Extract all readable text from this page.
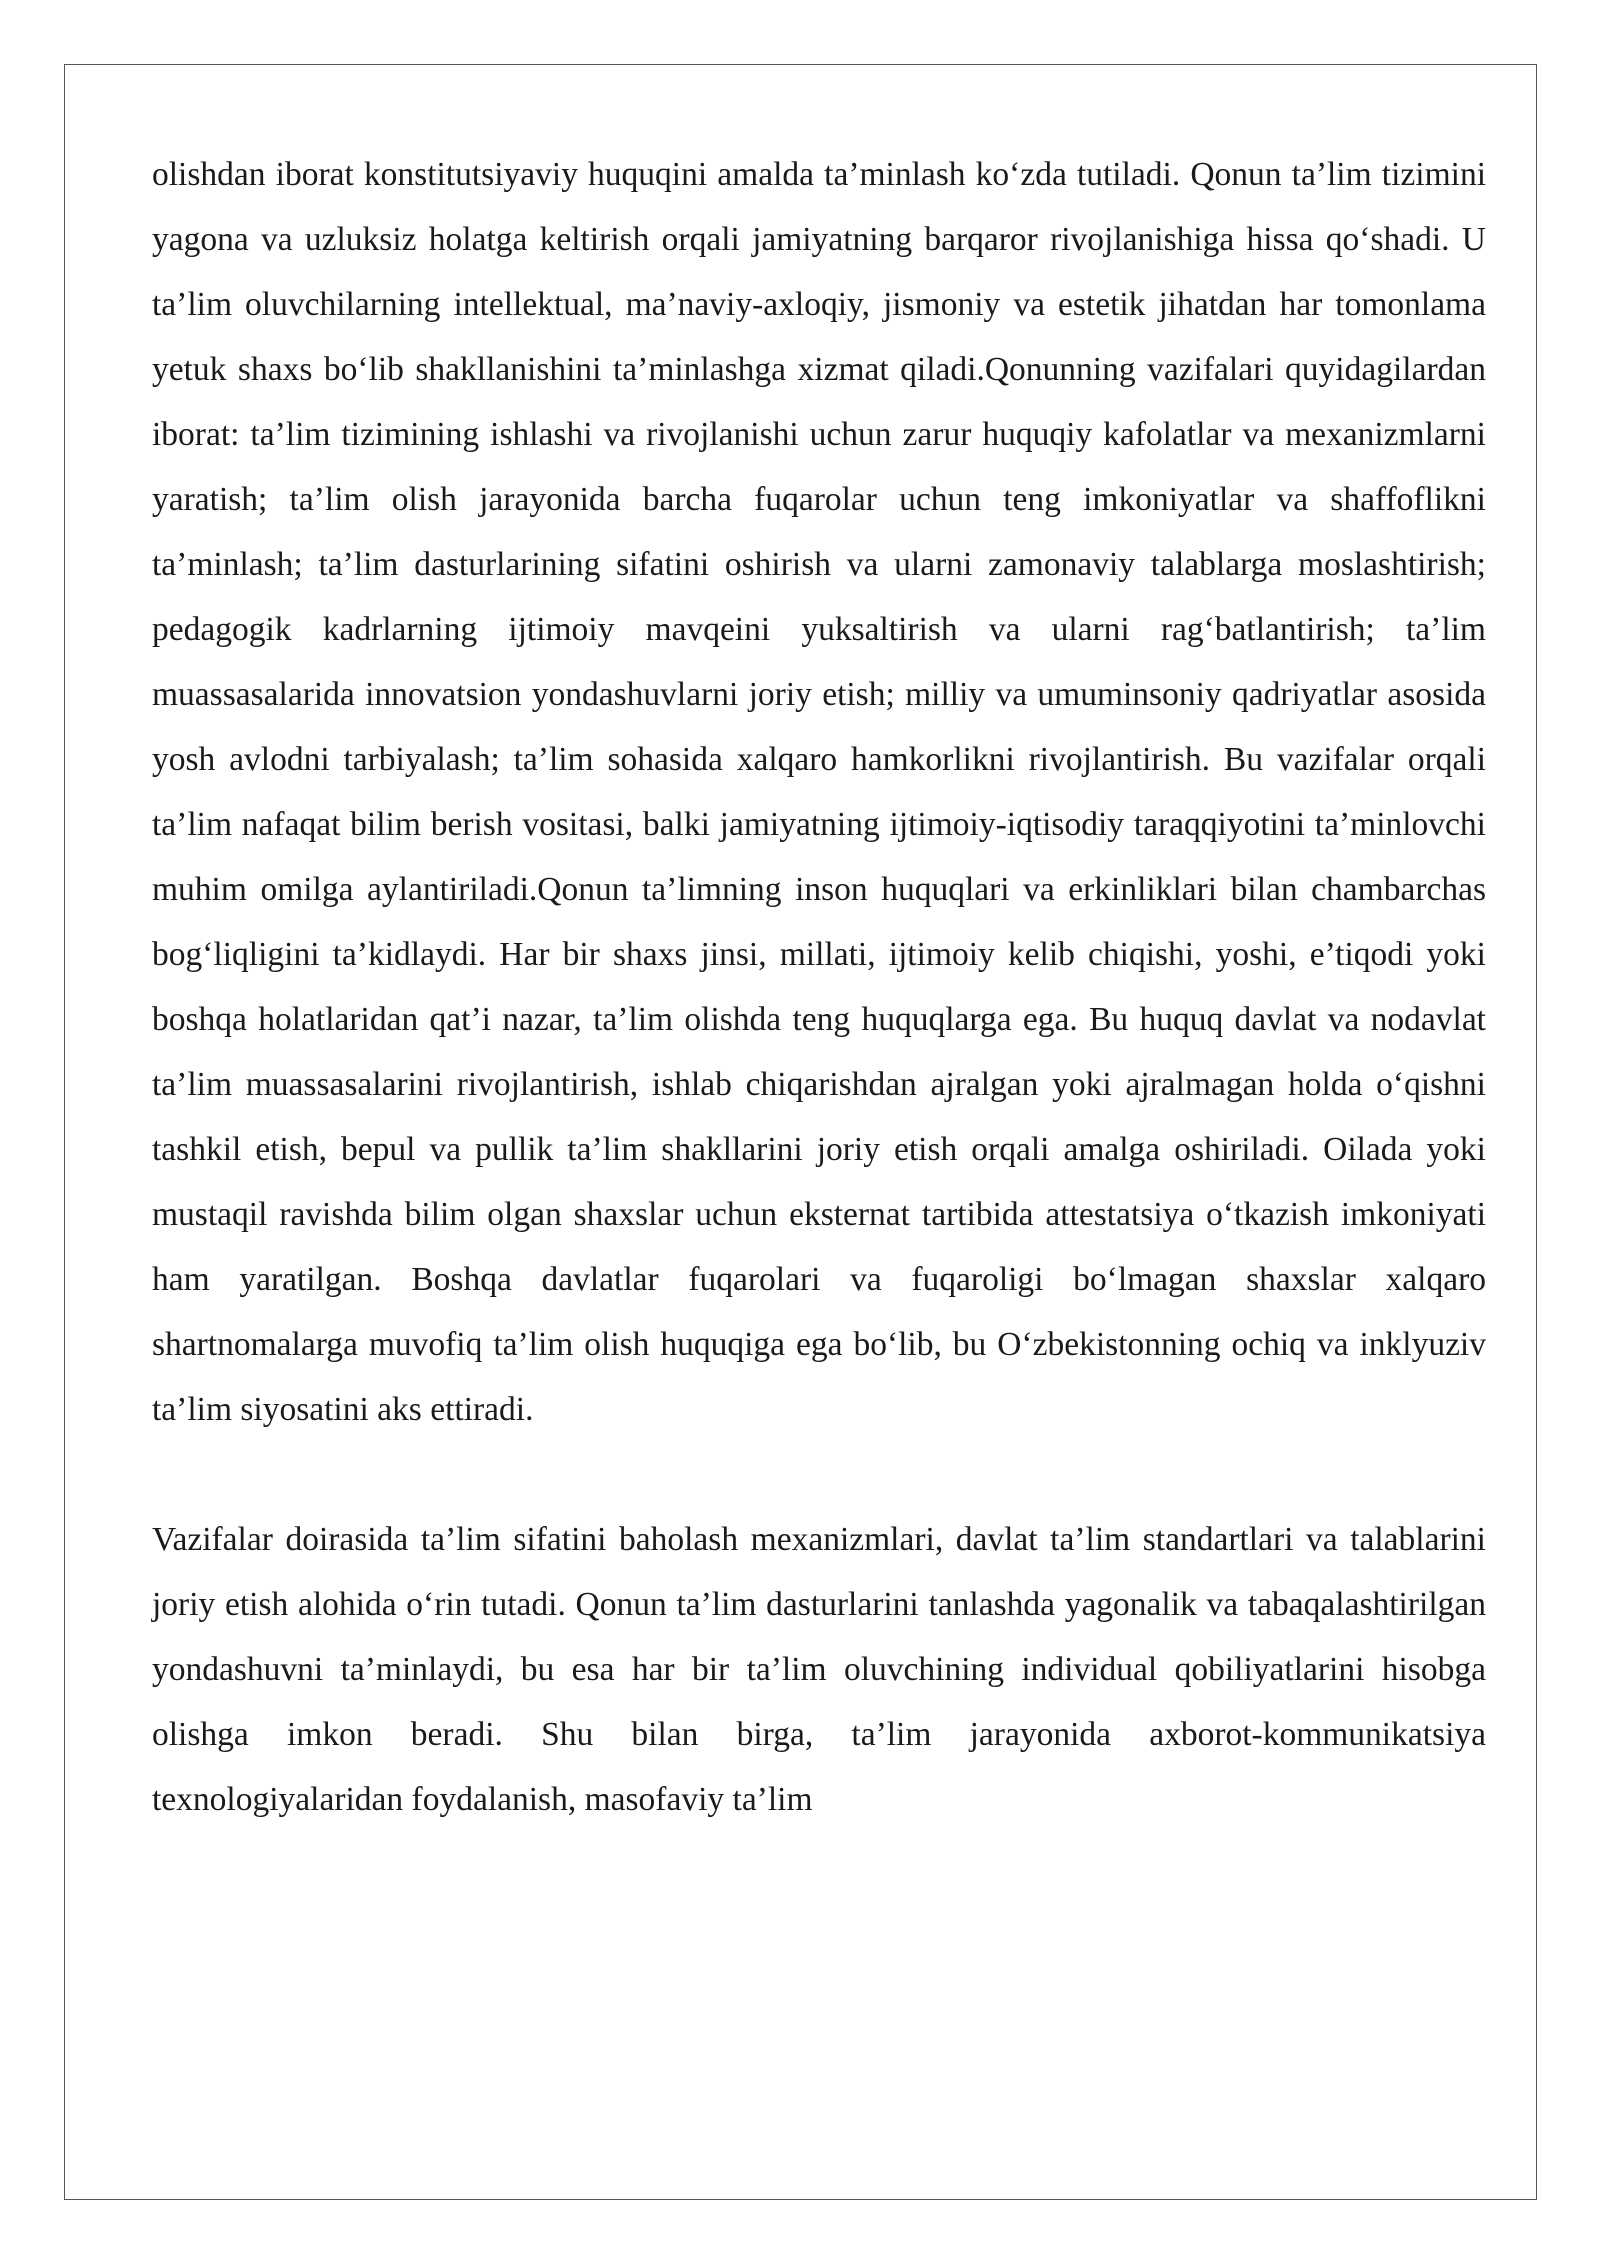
olishdan iborat konstitutsiyaviy huquqini amalda ta’minlash ko‘zda tutiladi. Qonun ta’lim tizimini yagona va uzluksiz holatga keltirish orqali jamiyatning barqaror rivojlanishiga hissa qo‘shadi. U ta’lim oluvchilarning intellektual, ma’naviy-axloqiy, jismoniy va estetik jihatdan har tomonlama yetuk shaxs bo‘lib shakllanishini ta’minlashga xizmat qiladi.Qonunning vazifalari quyidagilardan iborat: ta’lim tizimining ishlashi va rivojlanishi uchun zarur huquqiy kafolatlar va mexanizmlarni yaratish; ta’lim olish jarayonida barcha fuqarolar uchun teng imkoniyatlar va shaffoflikni ta’minlash; ta’lim dasturlarining sifatini oshirish va ularni zamonaviy talablarga moslashtirish; pedagogik kadrlarning ijtimoiy mavqeini yuksaltirish va ularni rag‘batlantirish; ta’lim muassasalarida innovatsion yondashuvlarni joriy etish; milliy va umuminsoniy qadriyatlar asosida yosh avlodni tarbiyalash; ta’lim sohasida xalqaro hamkorlikni rivojlantirish. Bu vazifalar orqali ta’lim nafaqat bilim berish vositasi, balki jamiyatning ijtimoiy-iqtisodiy taraqqiyotini ta’minlovchi muhim omilga aylantiriladi.Qonun ta’limning inson huquqlari va erkinliklari bilan chambarchas bog‘liqligini ta’kidlaydi. Har bir shaxs jinsi, millati, ijtimoiy kelib chiqishi, yoshi, e’tiqodi yoki boshqa holatlaridan qat’i nazar, ta’lim olishda teng huquqlarga ega. Bu huquq davlat va nodavlat ta’lim muassasalarini rivojlantirish, ishlab chiqarishdan ajralgan yoki ajralmagan holda o‘qishni tashkil etish, bepul va pullik ta’lim shakllarini joriy etish orqali amalga oshiriladi. Oilada yoki mustaqil ravishda bilim olgan shaxslar uchun eksternat tartibida attestatsiya o‘tkazish imkoniyati ham yaratilgan. Boshqa davlatlar fuqarolari va fuqaroligi bo‘lmagan shaxslar xalqaro shartnomalarga muvofiq ta’lim olish huquqiga ega bo‘lib, bu O‘zbekistonning ochiq va inklyuziv ta’lim siyosatini aks ettiradi.

Vazifalar doirasida ta’lim sifatini baholash mexanizmlari, davlat ta’lim standartlari va talablarini joriy etish alohida o‘rin tutadi. Qonun ta’lim dasturlarini tanlashda yagonalik va tabaqalashtirilgan yondashuvni ta’minlaydi, bu esa har bir ta’lim oluvchining individual qobiliyatlarini hisobga olishga imkon beradi. Shu bilan birga, ta’lim jarayonida axborot-kommunikatsiya texnologiyalaridan foydalanish, masofaviy ta’lim
